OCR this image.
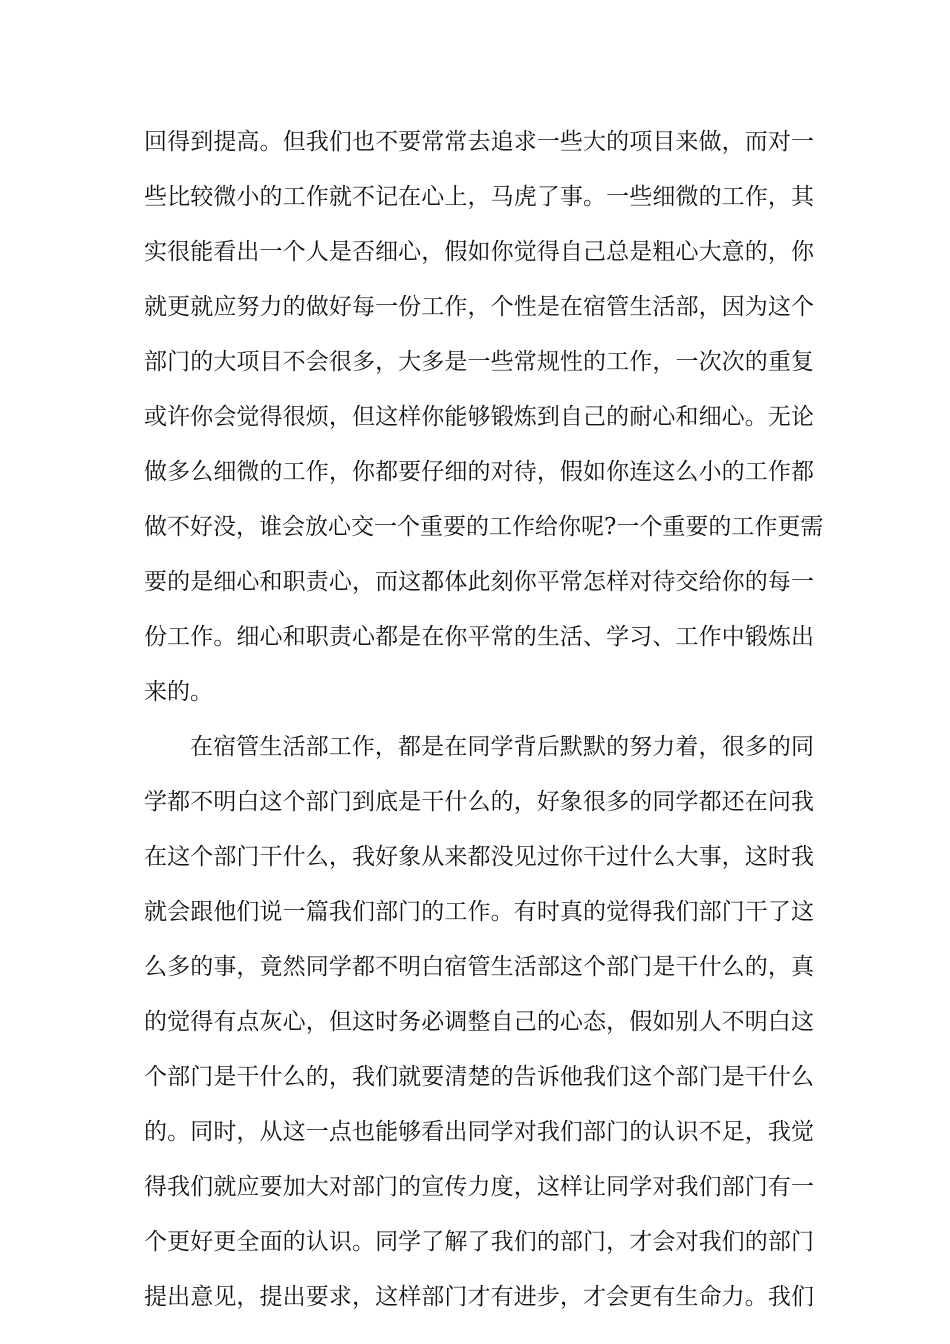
回得到提高。但我们也不要常常去追求一些大的项目来做，而对一
些比较微小的工作就不记在心上，马虎了事。一些细微的工作，其
实很能看出一个人是否细心，假如你觉得自己总是粗心大意的，你
就更就应努力的做好每一份工作，个性是在宿管生活部，因为这个
部门的大项目不会很多，大多是一些常规性的工作，一次次的重复
或许你会觉得很烦，但这样你能够锻炼到自己的耐心和细心。无论
做多么细微的工作，你都要仔细的对待，假如你连这么小的工作都
做不好没，谁会放心交一个重要的工作给你呢?一个重要的工作更需
要的是细心和职责心，而这都体此刻你平常怎样对待交给你的每一
份工作。细心和职责心都是在你平常的生活、学习、工作中锻炼出
来的。
在宿管生活部工作，都是在同学背后默默的努力着，很多的同
学都不明白这个部门到底是干什么的，好象很多的同学都还在问我
在这个部门干什么，我好象从来都没见过你干过什么大事，这时我
就会跟他们说一篇我们部门的工作。有时真的觉得我们部门干了这
么多的事，竟然同学都不明白宿管生活部这个部门是干什么的，真
的觉得有点灰心，但这时务必调整自己的心态，假如别人不明白这
个部门是干什么的，我们就要清楚的告诉他我们这个部门是干什么
的。同时，从这一点也能够看出同学对我们部门的认识不足，我觉
得我们就应要加大对部门的宣传力度，这样让同学对我们部门有一
个更好更全面的认识。同学了解了我们的部门，才会对我们的部门
提出意见，提出要求，这样部门才有进步，才会更有生命力。我们
